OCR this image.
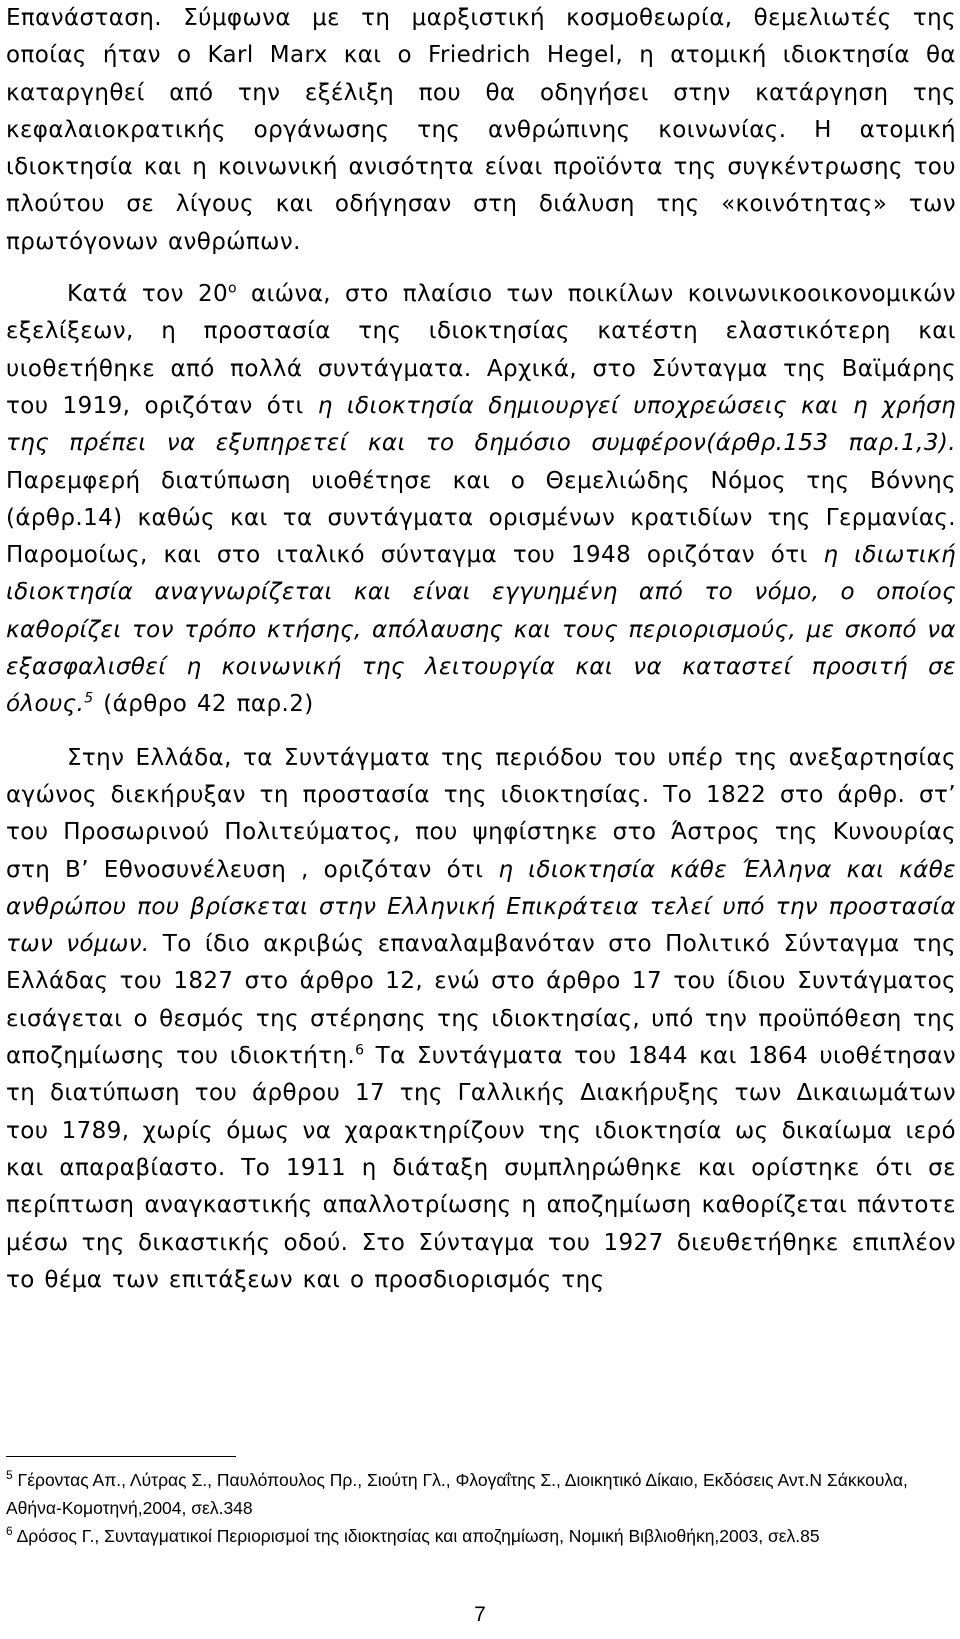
Επανάσταση. Σύμφωνα με τη μαρξιστική κοσμοθεωρία, θεμελιωτές της οποίας ήταν ο Karl Marx και ο Friedrich Hegel, η ατομική ιδιοκτησία θα καταργηθεί από την εξέλιξη που θα οδηγήσει στην κατάργηση της κεφαλαιοκρατικής οργάνωσης της ανθρώπινης κοινωνίας. Η ατομική ιδιοκτησία και η κοινωνική ανισότητα είναι προϊόντα της συγκέντρωσης του πλούτου σε λίγους και οδήγησαν στη διάλυση της «κοινότητας» των πρωτόγονων ανθρώπων.

Κατά τον $20^o$ αιώνα, στο πλαίσιο των ποικίλων κοινωνικοοικονομικών εξελίξεων, η προστασία της ιδιοκτησίας κατέστη ελαστικότερη και υιοθετήθηκε από πολλά συντάγματα. Αρχικά, στο Σύνταγμα της Βαϊμάρης του 1919, οριζόταν ότι η ιδιοκτησία δημιουργεί υποχρεώσεις και η χρήση της πρέπει να εξυπηρετεί και το δημόσιο συμφέρον(άρθρ.153 παρ.1,3). Παρεμφερή διατύπωση υιοθέτησε και ο Θεμελιώδης Νόμος της Βόννης (άρθρ.14) καθώς και τα συντάγματα ορισμένων κρατιδίων της Γερμανίας. Παρομοίως, και στο ιταλικό σύνταγμα του 1948 οριζόταν ότι η ιδιωτική ιδιοκτησία αναγνωρίζεται και είναι εγγυημένη από το νόμο, ο οποίος καθορίζει τον τρόπο κτήσης, απόλαυσης και τους περιορισμούς, με σκοπό να εξασφαλισθεί η κοινωνική της λειτουργία και να καταστεί προσιτή σε όλους.$^5$ (άρθρο 42 παρ.2)

Στην Ελλάδα, τα Συντάγματα της περιόδου του υπέρ της ανεξαρτησίας αγώνος διεκήρυξαν τη προστασία της ιδιοκτησίας. Το 1822 στο άρθρ. στ’ του Προσωρινού Πολιτεύματος, που ψηφίστηκε στο Άστρος της Κυνουρίας στη Β’ Εθνοσυνέλευση , οριζόταν ότι η ιδιοκτησία κάθε Έλληνα και κάθε ανθρώπου που βρίσκεται στην Ελληνική Επικράτεια τελεί υπό την προστασία των νόμων. Το ίδιο ακριβώς επαναλαμβανόταν στο Πολιτικό Σύνταγμα της Ελλάδας του 1827 στο άρθρο 12, ενώ στο άρθρο 17 του ίδιου Συντάγματος εισάγεται ο θεσμός της στέρησης της ιδιοκτησίας, υπό την προϋπόθεση της αποζημίωσης του ιδιοκτήτη.$^6$ Τα Συντάγματα του 1844 και 1864 υιοθέτησαν τη διατύπωση του άρθρου 17 της Γαλλικής Διακήρυξης των Δικαιωμάτων του 1789, χωρίς όμως να χαρακτηρίζουν της ιδιοκτησία ως δικαίωμα ιερό και απαραβίαστο. Το 1911 η διάταξη συμπληρώθηκε και ορίστηκε ότι σε περίπτωση αναγκαστικής απαλλοτρίωσης η αποζημίωση καθορίζεται πάντοτε μέσω της δικαστικής οδού. Στο Σύνταγμα του 1927 διευθετήθηκε επιπλέον το θέμα των επιτάξεων και ο προσδιορισμός της

$^5$ Γέροντας Απ., Λύτρας Σ., Παυλόπουλος Πρ., Σιούτη Γλ., Φλογαΐτης Σ., Διοικητικό Δίκαιο, Εκδόσεις Αντ.Ν Σάκκουλα, Αθήνα-Κομοτηνή,2004, σελ.348

$^6$ Δρόσος Γ., Συνταγματικοί Περιορισμοί της ιδιοκτησίας και αποζημίωση, Νομική Βιβλιοθήκη,2003, σελ.85

7
